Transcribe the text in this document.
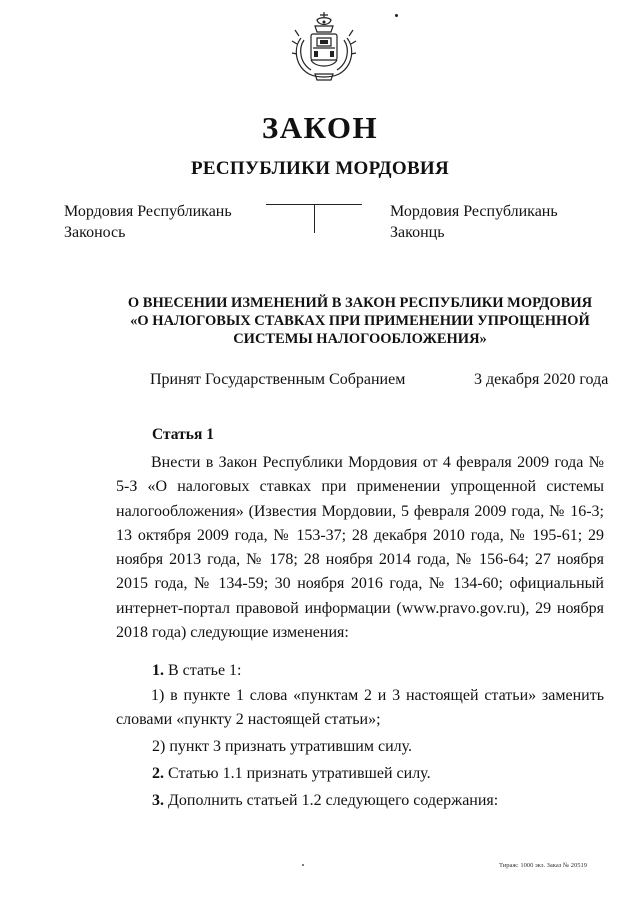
ЗАКОН
РЕСПУБЛИКИ МОРДОВИЯ
Мордовия Республикань
Законось
Мордовия Республикань
Законць
О ВНЕСЕНИИ ИЗМЕНЕНИЙ В ЗАКОН РЕСПУБЛИКИ МОРДОВИЯ
«О НАЛОГОВЫХ СТАВКАХ ПРИ ПРИМЕНЕНИИ УПРОЩЕННОЙ
СИСТЕМЫ НАЛОГООБЛОЖЕНИЯ»
Принят Государственным Собранием	3 декабря 2020 года
Статья 1
Внести в Закон Республики Мордовия от 4 февраля 2009 года № 5-З «О налоговых ставках при применении упрощенной системы налогообложения» (Известия Мордовии, 5 февраля 2009 года, № 16-3; 13 октября 2009 года, № 153-37; 28 декабря 2010 года, № 195-61; 29 ноября 2013 года, № 178; 28 ноября 2014 года, № 156-64; 27 ноября 2015 года, № 134-59; 30 ноября 2016 года, № 134-60; официальный интернет-портал правовой информации (www.pravo.gov.ru), 29 ноября 2018 года) следующие изменения:
1. В статье 1:
1) в пункте 1 слова «пунктам 2 и 3 настоящей статьи» заменить словами «пункту 2 настоящей статьи»;
2) пункт 3 признать утратившим силу.
2. Статью 1.1 признать утратившей силу.
3. Дополнить статьей 1.2 следующего содержания:
Тираж: 1000 экз. Заказ № 20519
